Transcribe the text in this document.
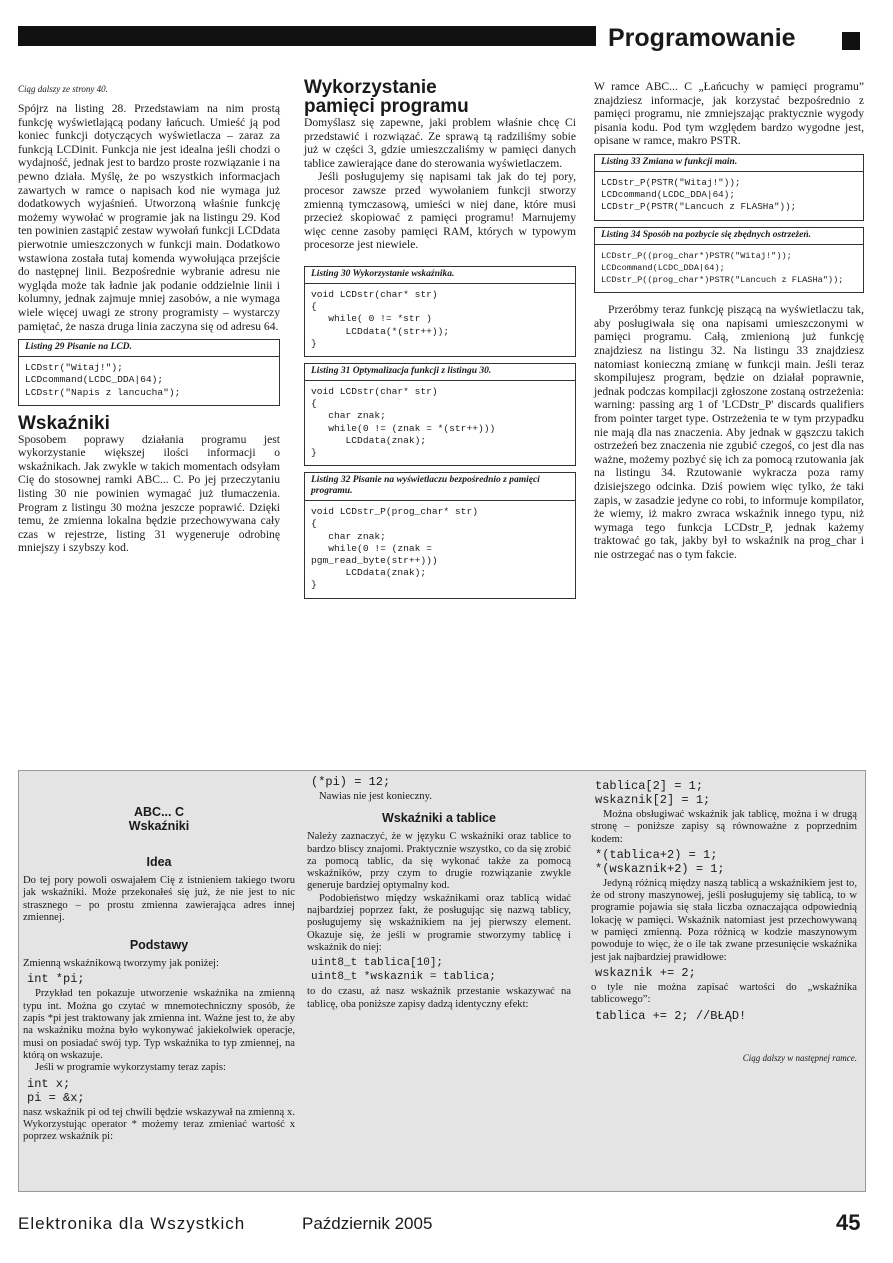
Programowanie
Ciąg dalszy ze strony 40.

Spójrz na listing 28. Przedstawiam na nim prostą funkcję wyświetlającą podany łańcuch. Umieść ją pod koniec funkcji dotyczących wyświetlacza – zaraz za funkcją LCDinit. Funkcja nie jest idealna jeśli chodzi o wydajność, jednak jest to bardzo proste rozwiązanie i na pewno działa. Myślę, że po wszystkich informacjach zawartych w ramce o napisach kod nie wymaga już dodatkowych wyjaśnień. Utworzoną właśnie funkcję możemy wywołać w programie jak na listingu 29. Kod ten powinien zastąpić zestaw wywołań funkcji LCDdata pierwotnie umieszczonych w funkcji main. Dodatkowo wstawiona została tutaj komenda wywołująca przejście do następnej linii. Bezpośrednie wybranie adresu nie wygląda może tak ładnie jak podanie oddzielnie linii i kolumny, jednak zajmuje mniej zasobów, a nie wymaga wiele więcej uwagi ze strony programisty – wystarczy pamiętać, że nasza druga linia zaczyna się od adresu 64.

Listing 29 Pisanie na LCD.
LCDstr("Witaj!");
LCDcommand(LCDC_DDA|64);
LCDstr("Napis z lancucha");
Wskaźniki

Sposobem poprawy działania programu jest wykorzystanie większej ilości informacji o wskaźnikach. Jak zwykle w takich momentach odsyłam Cię do stosownej ramki ABC... C. Po jej przeczytaniu listing 30 nie powinien wymagać już tłumaczenia. Program z listingu 30 można jeszcze poprawić. Dzięki temu, że zmienna lokalna będzie przechowywana cały czas w rejestrze, listing 31 wygeneruje odrobinę mniejszy i szybszy kod.

Wykorzystanie pamięci programu

Domyślasz się zapewne, jaki problem właśnie chcę Ci przedstawić i rozwiązać. Ze sprawą tą radziliśmy sobie już w części 3, gdzie umieszczaliśmy w pamięci danych tablice zawierające dane do sterowania wyświetlaczem.

Jeśli posługujemy się napisami tak jak do tej pory, procesor zawsze przed wywołaniem funkcji stworzy zmienną tymczasową, umieści w niej dane, które musi przecież skopiować z pamięci programu! Marnujemy więc cenne zasoby pamięci RAM, których w typowym procesorze jest niewiele.

Listing 30 Wykorzystanie wskaźnika.
void LCDstr(char* str)
{
while( 0 != *str )
LCDdata(*(str++));
}
Listing 31 Optymalizacja funkcji z listingu 30.
void LCDstr(char* str)
{
char znak;
while(0 != (znak = *(str++)))
LCDdata(znak);
}
Listing 32 Pisanie na wyświetlaczu bezpośrednio z pamięci programu.
void LCDstr_P(prog_char* str)
{
char znak;
while(0 != (znak =
pgm_read_byte(str++)))
LCDdata(znak);
}

W ramce ABC... C „Łańcuchy w pamięci programu” znajdziesz informacje, jak korzystać bezpośrednio z pamięci programu, nie zmniejszając praktycznie wygody pisania kodu. Pod tym względem bardzo wygodne jest, opisane w ramce, makro PSTR.

Listing 33 Zmiana w funkcji main.
LCDstr_P(PSTR("Witaj!"));
LCDcommand(LCDC_DDA|64);
LCDstr_P(PSTR("Lancuch z FLASHa"));
Listing 34 Sposób na pozbycie się zbędnych ostrzeżeń.
LCDstr_P((prog_char*)PSTR("Witaj!"));
LCDcommand(LCDC_DDA|64);
LCDstr_P((prog_char*)PSTR("Lancuch z FLASHa"));

Przeróbmy teraz funkcję piszącą na wyświetlaczu tak, aby posługiwała się ona napisami umieszczonymi w pamięci programu. Całą, zmienioną już funkcję znajdziesz na listingu 32. Na listingu 33 znajdziesz natomiast konieczną zmianę w funkcji main. Jeśli teraz skompilujesz program, będzie on działał poprawnie, jednak podczas kompilacji zgłoszone zostaną ostrzeżenia: warning: passing arg 1 of 'LCDstr_P' discards qualifiers from pointer target type. Ostrzeżenia te w tym przypadku nie mają dla nas znaczenia. Aby jednak w gąszczu takich ostrzeżeń bez znaczenia nie zgubić czegoś, co jest dla nas ważne, możemy pozbyć się ich za pomocą rzutowania jak na listingu 34. Rzutowanie wykracza poza ramy dzisiejszego odcinka. Dziś powiem więc tylko, że taki zapis, w zasadzie jedyne co robi, to informuje kompilator, że wiemy, iż makro zwraca wskaźnik innego typu, niż wymaga tego funkcja LCDstr_P, jednak każemy traktować go tak, jakby był to wskaźnik na prog_char i nie ostrzegać nas o tym fakcie.

ABC... C
Wskaźniki
Idea

Do tej pory powoli oswajałem Cię z istnieniem takiego tworu jak wskaźniki. Może przekonałeś się już, że nie jest to nic strasznego – po prostu zmienna zawierająca adres innej zmiennej.

Podstawy

Zmienną wskaźnikową tworzymy jak poniżej:

int *pi;

Przykład ten pokazuje utworzenie wskaźnika na zmienną typu int. Można go czytać w mnemotechniczny sposób, że zapis *pi jest traktowany jak zmienna int. Ważne jest to, że aby na wskaźniku można było wykonywać jakiekolwiek operacje, musi on posiadać swój typ. Typ wskaźnika to typ zmiennej, na którą on wskazuje.

Jeśli w programie wykorzystamy teraz zapis:

int x;
pi = &x;

nasz wskaźnik pi od tej chwili będzie wskazywał na zmienną x. Wykorzystując operator * możemy teraz zmieniać wartość x poprzez wskaźnik pi:

(*pi) = 12;

Nawias nie jest konieczny.

Wskaźniki a tablice

Należy zaznaczyć, że w języku C wskaźniki oraz tablice to bardzo bliscy znajomi. Praktycznie wszystko, co da się zrobić za pomocą tablic, da się wykonać także za pomocą wskaźników, przy czym to drugie rozwiązanie zwykle generuje bardziej optymalny kod.

Podobieństwo między wskaźnikami oraz tablicą widać najbardziej poprzez fakt, że posługując się nazwą tablicy, posługujemy się wskaźnikiem na jej pierwszy element. Okazuje się, że jeśli w programie stworzymy tablicę i wskaźnik do niej:

uint8_t tablica[10];
uint8_t *wskaznik = tablica;

to do czasu, aż nasz wskaźnik przestanie wskazywać na tablicę, oba poniższe zapisy dadzą identyczny efekt:

tablica[2] = 1;
wskaznik[2] = 1;

Można obsługiwać wskaźnik jak tablicę, można i w drugą stronę – poniższe zapisy są równoważne z poprzednim kodem:

*(tablica+2) = 1;
*(wskaznik+2) = 1;

Jedyną różnicą między naszą tablicą a wskaźnikiem jest to, że od strony maszynowej, jeśli posługujemy się tablicą, to w programie pojawia się stała liczba oznaczająca odpowiednią lokację w pamięci. Wskaźnik natomiast jest przechowywaną w pamięci zmienną. Poza różnicą w kodzie maszynowym powoduje to więc, że o ile tak zwane przesunięcie wskaźnika jest jak najbardziej prawidłowe:

wskaznik += 2;

o tyle nie można zapisać wartości do „wskaźnika tablicowego”:

tablica += 2; //BŁĄD!
Ciąg dalszy w następnej ramce.
Elektronika dla Wszystkich	Październik 2005	45
